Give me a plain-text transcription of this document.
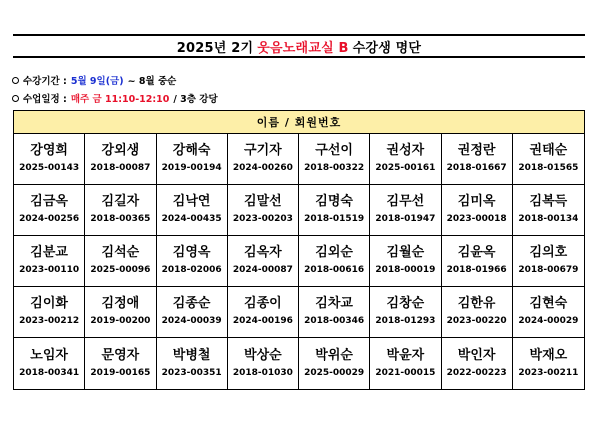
2025년 2기 웃음노래교실 B 수강생 명단
수강기간 : 5월 9일(금) ~ 8월 중순
수업일정 : 매주 금 11:10-12:10 / 3층 강당
이름 / 회원번호
강영희
2025-00143
강외생
2018-00087
강해숙
2019-00194
구기자
2024-00260
구선이
2018-00322
권성자
2025-00161
권정란
2018-01667
권태순
2018-01565
김금옥
2024-00256
김길자
2018-00365
김낙연
2024-00435
김말선
2023-00203
김명숙
2018-01519
김무선
2018-01947
김미옥
2023-00018
김복득
2018-00134
김분교
2023-00110
김석순
2025-00096
김영옥
2018-02006
김옥자
2024-00087
김외순
2018-00616
김월순
2018-00019
김윤옥
2018-01966
김의호
2018-00679
김이화
2023-00212
김정애
2019-00200
김종순
2024-00039
김종이
2024-00196
김차교
2018-00346
김창순
2018-01293
김한유
2023-00220
김현숙
2024-00029
노임자
2018-00341
문영자
2019-00165
박병철
2023-00351
박상순
2018-01030
박위순
2025-00029
박윤자
2021-00015
박인자
2022-00223
박재오
2023-00211
